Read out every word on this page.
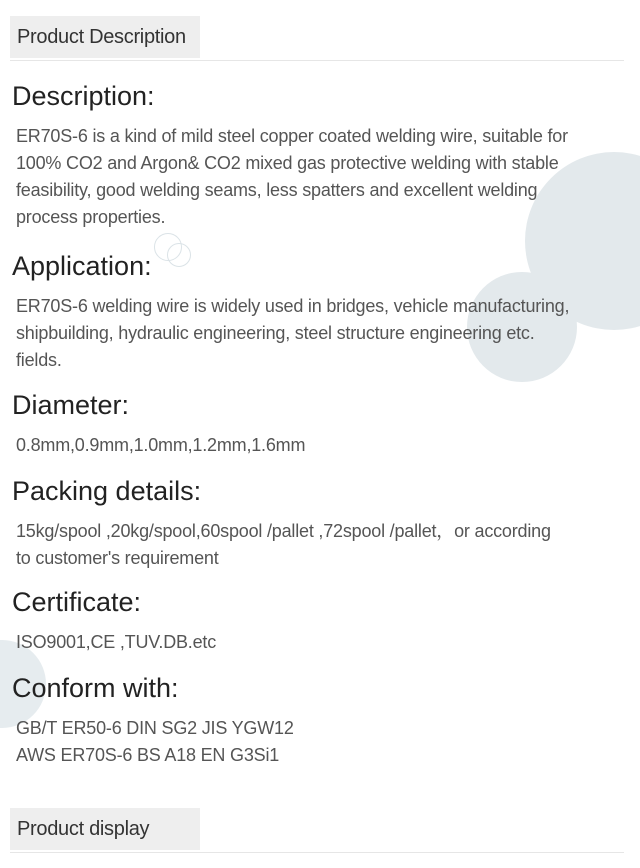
Product Description
Description:
ER70S-6 is a kind of mild steel copper coated welding wire, suitable for
100% CO2 and Argon& CO2 mixed gas protective welding with stable
feasibility, good welding seams, less spatters and excellent welding
process properties.
Application:
ER70S-6 welding wire is widely used in bridges, vehicle manufacturing,
shipbuilding, hydraulic engineering, steel structure engineering etc.
fields.
Diameter:
0.8mm,0.9mm,1.0mm,1.2mm,1.6mm
Packing details:
15kg/spool ,20kg/spool,60spool /pallet ,72spool /pallet，or according
to customer's requirement
Certificate:
ISO9001,CE ,TUV.DB.etc
Conform with:
GB/T ER50-6 DIN SG2 JIS YGW12
AWS ER70S-6 BS A18 EN G3Si1
Product display
